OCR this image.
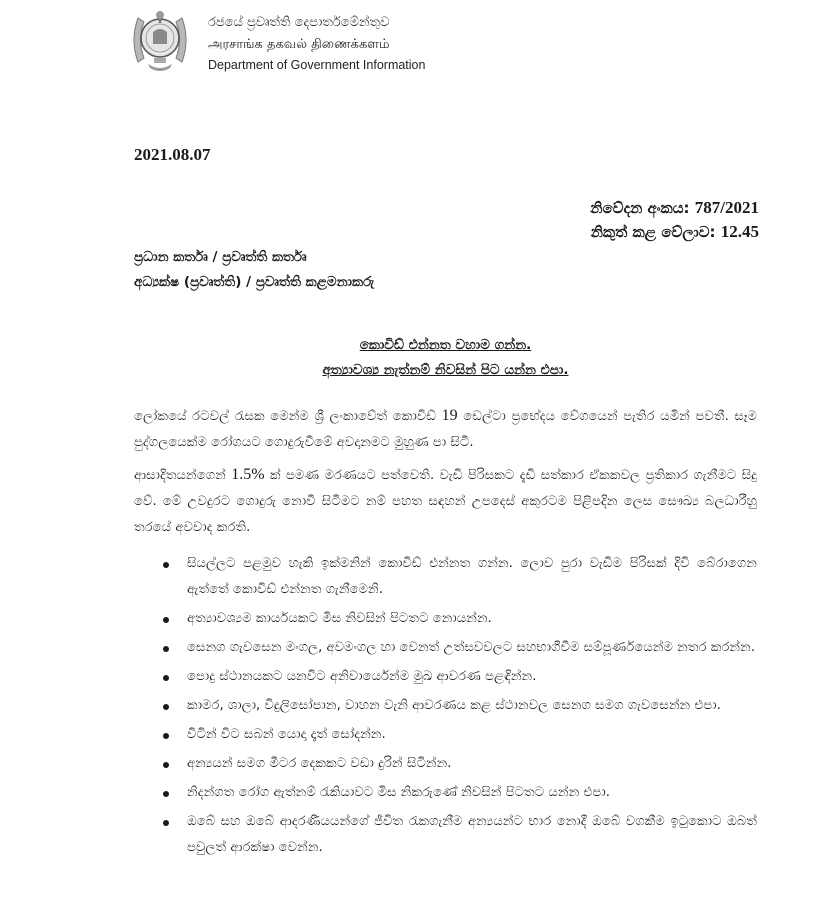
රජයේ ප්‍රවෘත්ති දෙපාර්තමේන්තුව
அரசாங்க தகவல் திணைக்களம்
Department of Government Information
2021.08.07
නිවේදන අංකය: 787/2021
නිකුත් කළ වේලාව: 12.45
ප්‍රධාන කර්තෘ / ප්‍රවෘත්ති කර්තෘ
අධ්‍යක්ෂ (ප්‍රවෘත්ති) / ප්‍රවෘත්ති කළමනාකරු
කොවිඩ් එන්නත වහාම ගන්න.
අත්‍යාවශ්‍ය නැත්නම් නිවසින් පිට යන්න එපා.
ලෝකයේ රටවල් රැසක මෙන්ම ශ්‍රී ලංකාවේත් කොවිඩ් 19 ඩෙල්ටා ප්‍රභේදය වේගයෙන් පැතිර යමින් පවතී. සෑම පුද්ගලයෙක්ම රෝගයට ගොදුරුවීමේ අවදානමට මුහුණ පා සිටී.
ආසාදිතයන්ගෙන් 1.5% ක් පමණ මරණයට පත්වෙති. වැඩි පිරිසකට දැඩි සත්කාර ඒකකවල ප්‍රතිකාර ගැනීමට සිදු වේ. මේ උවදුරට ගොදුරු නොවී සිටීමට නම් පහත සඳහන් උපදෙස් අකුරටම පිළිපදින ලෙස සෞඛ්‍ය බලධාරීහු තරයේ අවවාද කරති.
සියල්ලට පළමුව හැකි ඉක්මනින් කොවිඩ් එන්නත ගන්න. ලොව පුරා වැඩිම පිරිසක් දිවි බේරාගෙන ඇත්තේ කොවිඩ් එන්නත ගැනීමෙනි.
අත්‍යාවශ්‍යම කාර්යයකට මිස නිවසින් පිටතට නොයන්න.
සෙනග ගැවසෙන මංගල, අවමංගල හා වෙනත් උත්සවවලට සහභාගීවීම සම්පූර්ණයෙන්ම නතර කරන්න.
පොදු ස්ථානයකට යනවිට අනිවාර්යෙන්ම මුඛ ආවරණ පළඳින්න.
කාමර, ශාලා, විදුලිසෝපාන, වාහන වැනි ආවරණය කළ ස්ථානවල සෙනග සමග ගැවසෙන්න එපා.
විටින් විට සබන් යොදා දෑත් සෝදන්න.
අන්‍යයන් සමග මීටර දෙකකට වඩා දුරින් සිටින්න.
නිදන්ගත රෝග ඇත්නම් රැකියාවට මිස නිකරුණේ නිවසින් පිටතට යන්න එපා.
ඔබේ සහ ඔබේ ආදරණීයයන්ගේ ජීවිත රැකගැනීම අන්‍යයන්ට භාර නොදී ඔබේ වගකීම ඉටුකොට ඔබත් පවුලත් ආරක්ෂා වෙන්න.
